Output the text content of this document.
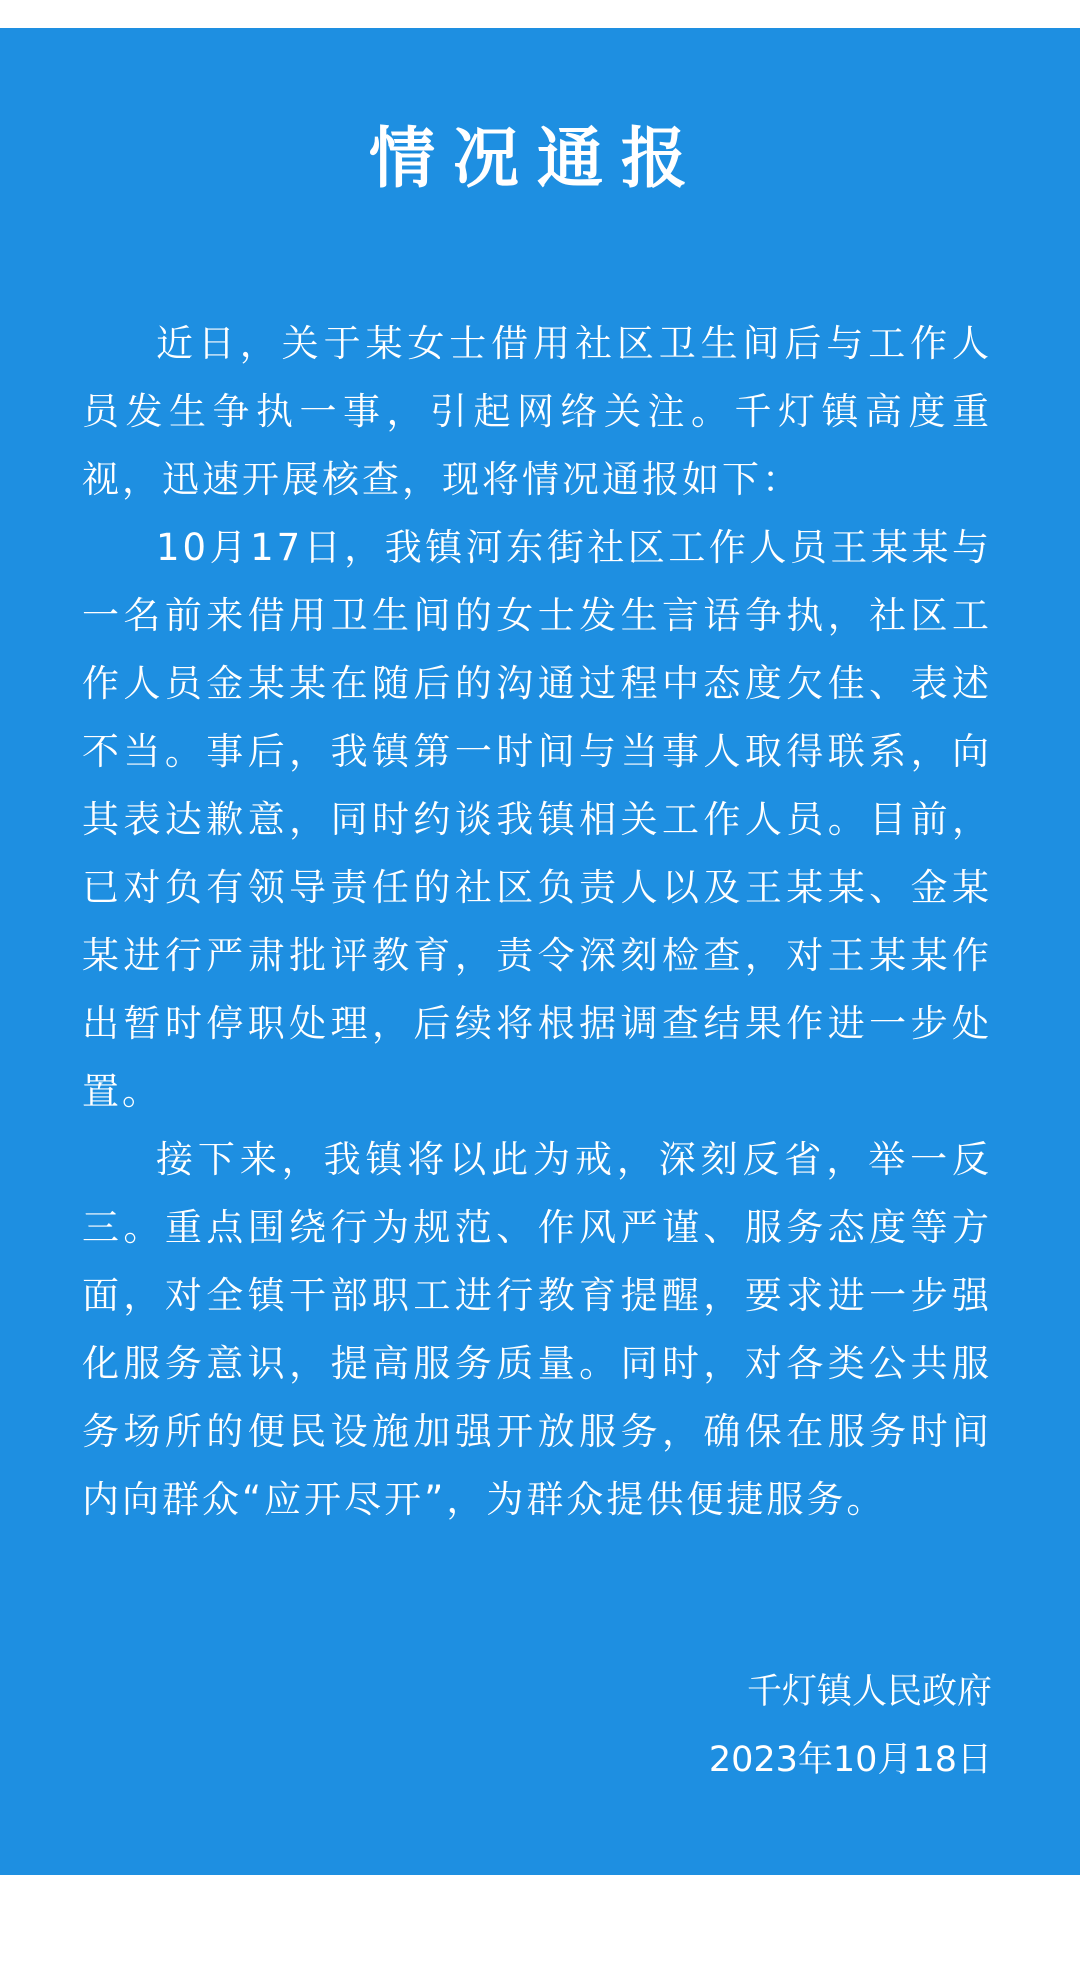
情况通报

近日，关于某女士借用社区卫生间后与工作人员发生争执一事，引起网络关注。千灯镇高度重视，迅速开展核查，现将情况通报如下：

10月17日，我镇河东街社区工作人员王某某与一名前来借用卫生间的女士发生言语争执，社区工作人员金某某在随后的沟通过程中态度欠佳、表述不当。事后，我镇第一时间与当事人取得联系，向其表达歉意，同时约谈我镇相关工作人员。目前，已对负有领导责任的社区负责人以及王某某、金某某进行严肃批评教育，责令深刻检查，对王某某作出暂时停职处理，后续将根据调查结果作进一步处置。

接下来，我镇将以此为戒，深刻反省，举一反三。重点围绕行为规范、作风严谨、服务态度等方面，对全镇干部职工进行教育提醒，要求进一步强化服务意识，提高服务质量。同时，对各类公共服务场所的便民设施加强开放服务，确保在服务时间内向群众“应开尽开”，为群众提供便捷服务。

千灯镇人民政府
2023年10月18日
